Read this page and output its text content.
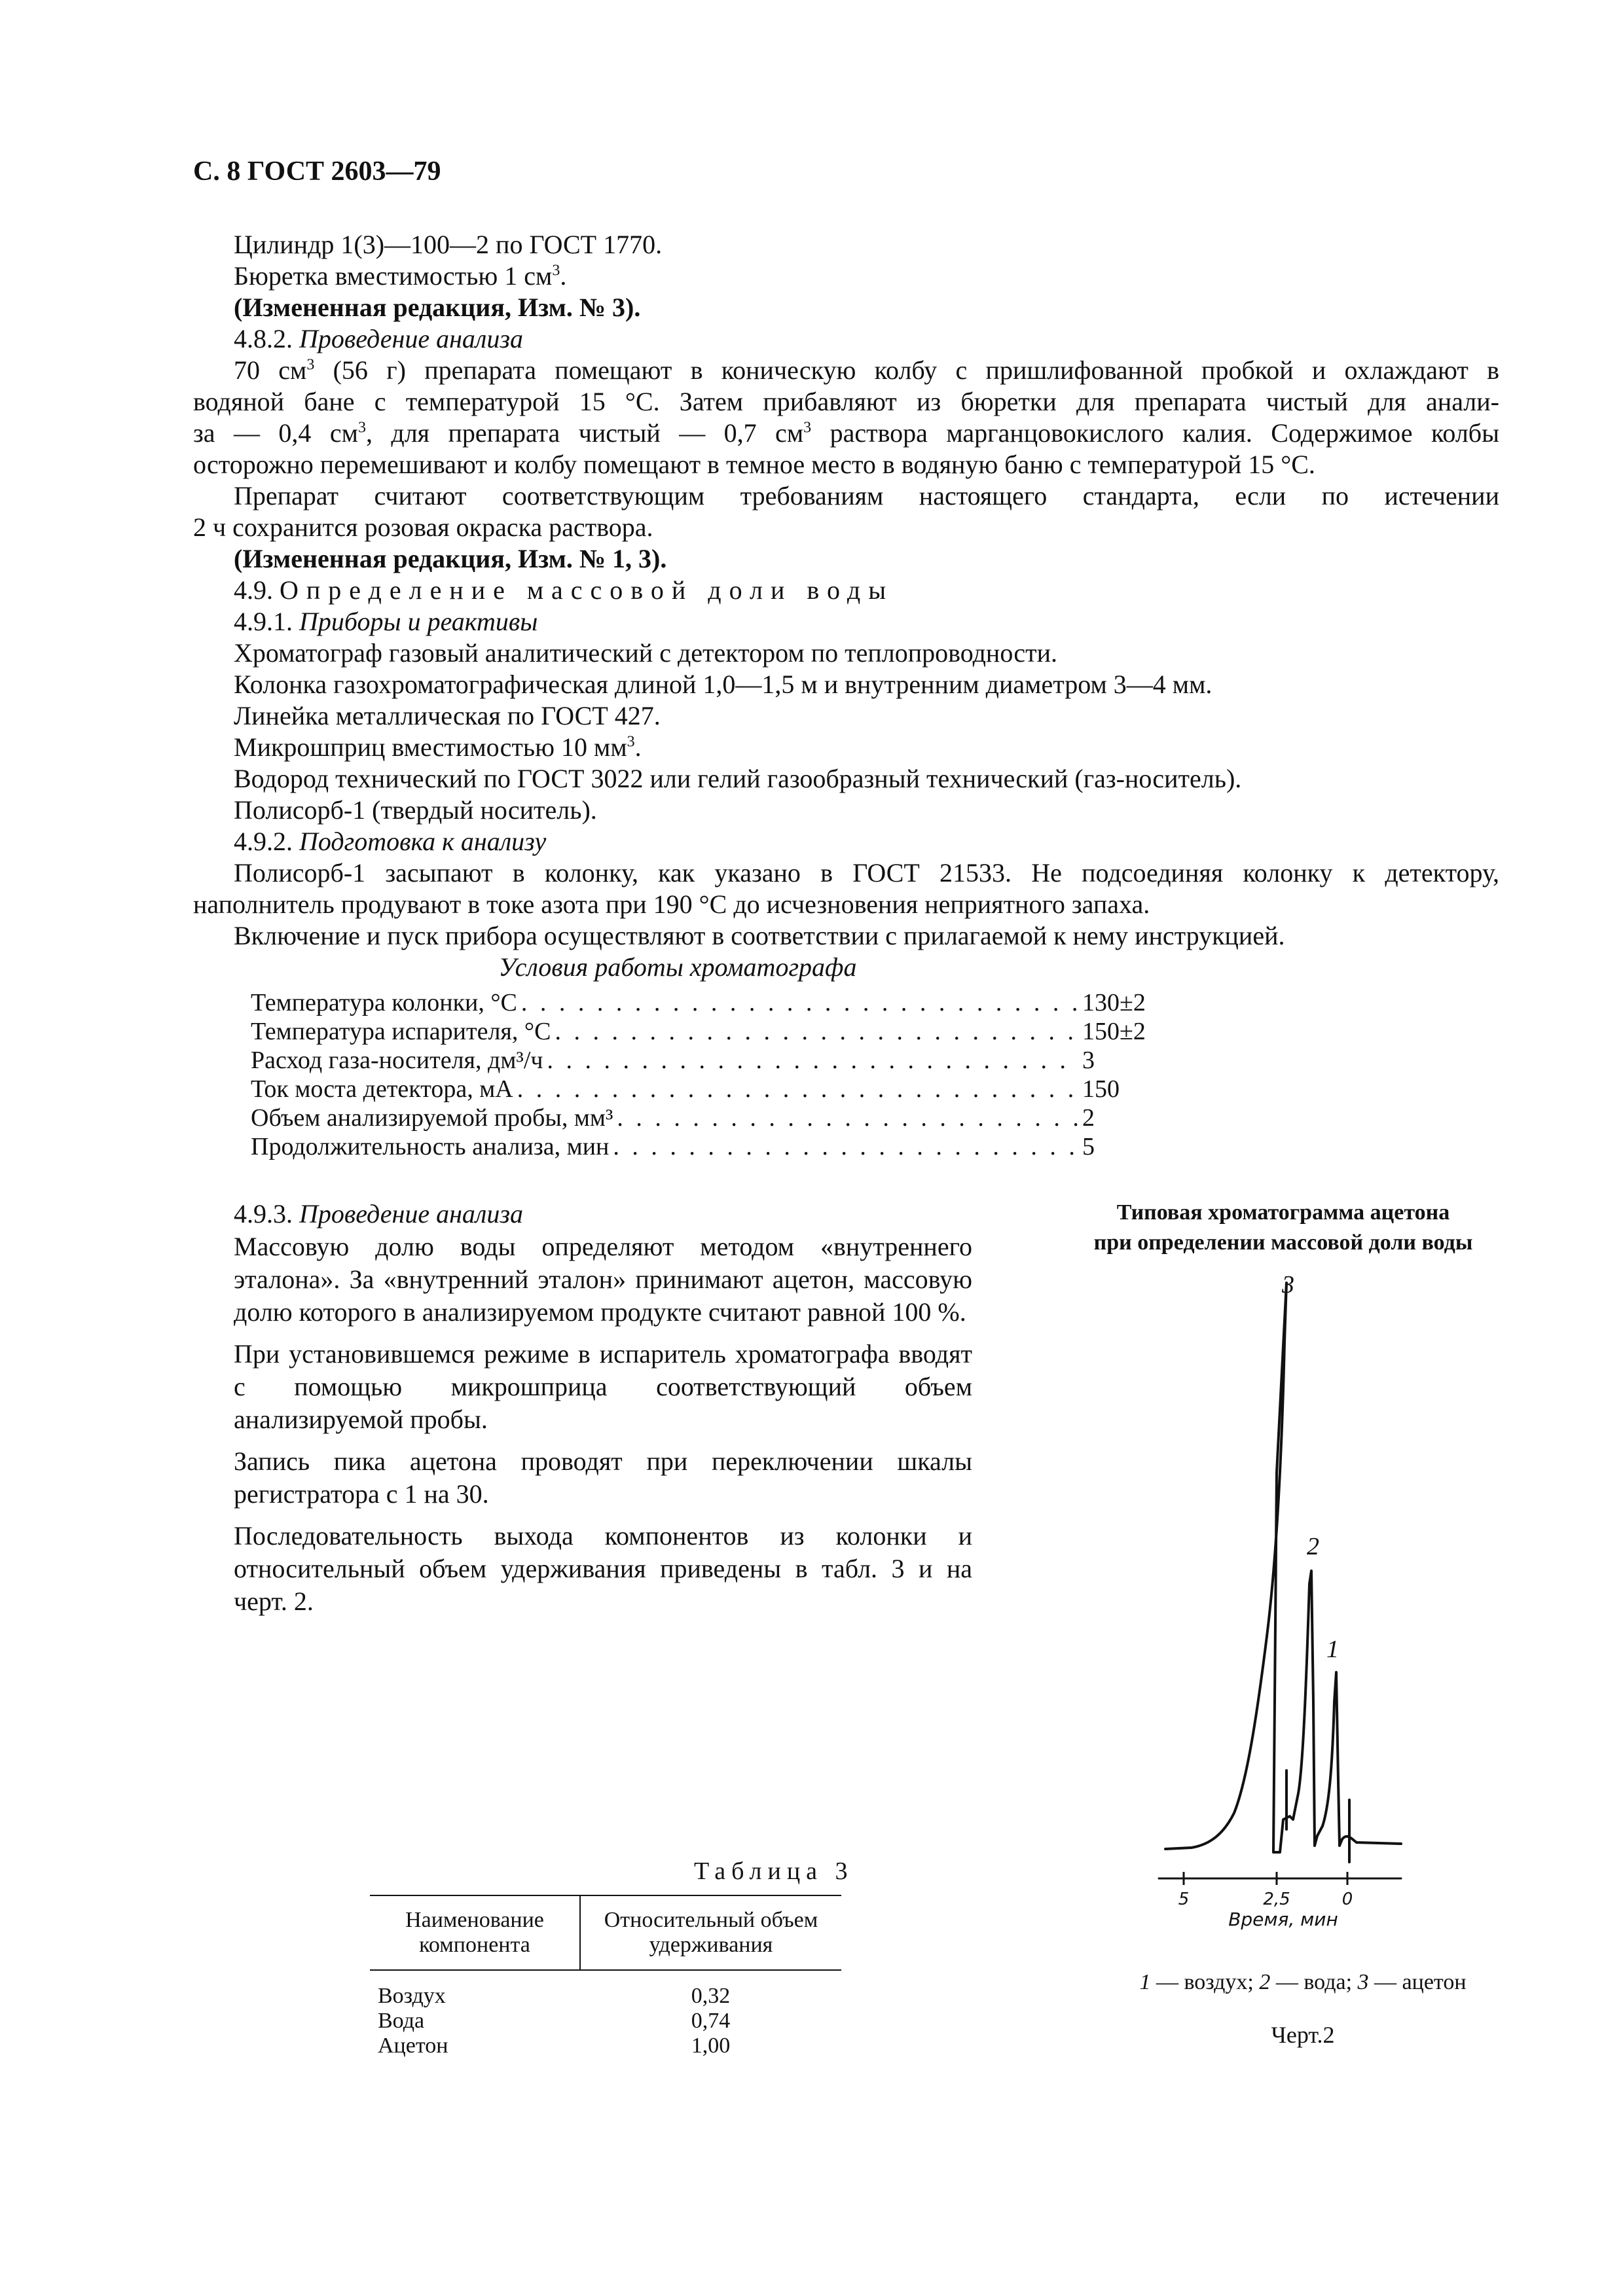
С. 8 ГОСТ 2603—79
Цилиндр 1(3)—100—2 по ГОСТ 1770.
Бюретка вместимостью 1 $см^3$.
(Измененная редакция, Изм. № 3).
4.8.2. Проведение анализа
70 $см^3$ (56 г) препарата помещают в коническую колбу с пришлифованной пробкой и охлаждают в
водяной бане с температурой 15 °С. Затем прибавляют из бюретки для препарата чистый для анали-
за — 0,4 $см^3$, для препарата чистый — 0,7 $см^3$ раствора марганцовокислого калия. Содержимое колбы
осторожно перемешивают и колбу помещают в темное место в водяную баню с температурой 15 °С.
Препарат считают соответствующим требованиям настоящего стандарта, если по истечении
2 ч сохранится розовая окраска раствора.
(Измененная редакция, Изм. № 1, 3).
4.9. Определение массовой доли воды
4.9.1. Приборы и реактивы
Хроматограф газовый аналитический с детектором по теплопроводности.
Колонка газохроматографическая длиной 1,0—1,5 м и внутренним диаметром 3—4 мм.
Линейка металлическая по ГОСТ 427.
Микрошприц вместимостью 10 $мм^3$.
Водород технический по ГОСТ 3022 или гелий газообразный технический (газ-носитель).
Полисорб-1 (твердый носитель).
4.9.2. Подготовка к анализу
Полисорб-1 засыпают в колонку, как указано в ГОСТ 21533. Не подсоединяя колонку к детектору,
наполнитель продувают в токе азота при 190 °С до исчезновения неприятного запаха.
Включение и пуск прибора осуществляют в соответствии с прилагаемой к нему инструкцией.
Условия работы хроматографа
Температура колонки, °С . . .	130±2
Температура испарителя, °С . . .	150±2
Расход газа-носителя, дм³/ч . . .	3
Ток моста детектора, мА . . .	150
Объем анализируемой пробы, мм³ . . .	2
Продолжительность анализа, мин . . .	5

4.9.3. Проведение анализа

Массовую долю воды определяют методом «внутреннего эталона». За «внутренний эталон» принимают ацетон, массовую долю которого в анализируемом продукте считают равной 100 %.

При установившемся режиме в испаритель хроматографа вводят с помощью микрошприца соответствующий объем анализируемой пробы.

Запись пика ацетона проводят при переключении шкалы регистратора с 1 на 30.

Последовательность выхода компонентов из колонки и относительный объем удерживания приведены в табл. 3 и на черт. 2.

Таблица 3
Наименование компонента	Относительный объем удерживания
Воздух	0,32
Вода	0,74
Ацетон	1,00
Типовая хроматограмма ацетона
при определении массовой доли воды
3
2
1
5	2,5	0
Время, мин
1 — воздух; 2 — вода; 3 — ацетон
Черт.2
